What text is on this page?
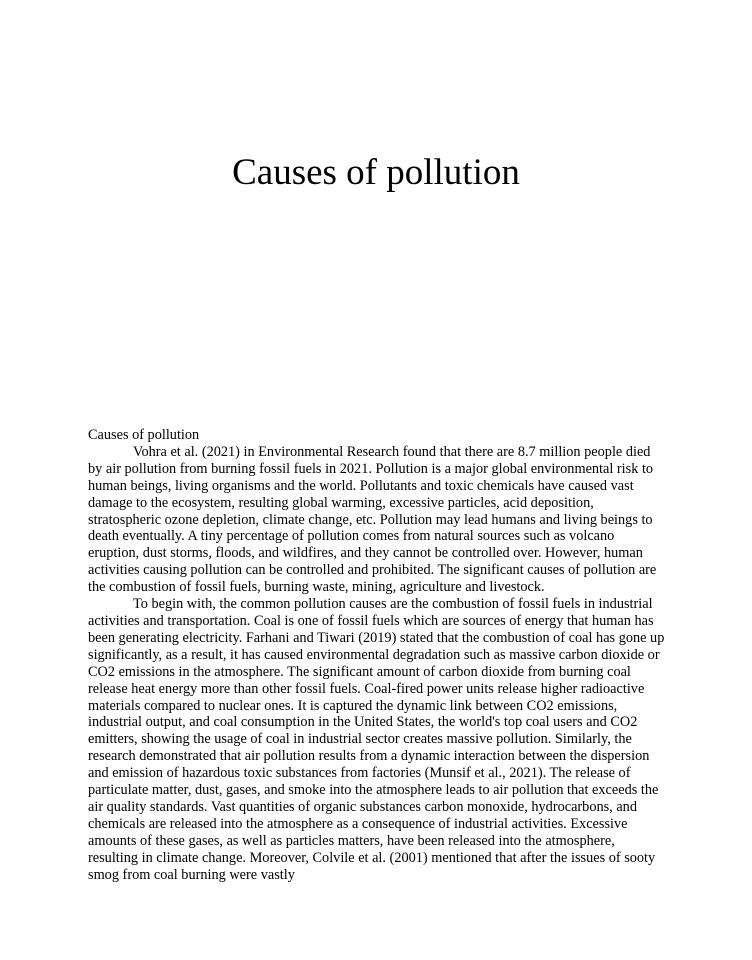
Causes of pollution

Causes of pollution

Vohra et al. (2021) in Environmental Research found that there are 8.7 million people died by air pollution from burning fossil fuels in 2021. Pollution is a major global environmental risk to human beings, living organisms and the world. Pollutants and toxic chemicals have caused vast damage to the ecosystem, resulting global warming, excessive particles, acid deposition, stratospheric ozone depletion, climate change, etc. Pollution may lead humans and living beings to death eventually. A tiny percentage of pollution comes from natural sources such as volcano eruption, dust storms, floods, and wildfires, and they cannot be controlled over. However, human activities causing pollution can be controlled and prohibited. The significant causes of pollution are the combustion of fossil fuels, burning waste, mining, agriculture and livestock.

To begin with, the common pollution causes are the combustion of fossil fuels in industrial activities and transportation. Coal is one of fossil fuels which are sources of energy that human has been generating electricity. Farhani and Tiwari (2019) stated that the combustion of coal has gone up significantly, as a result, it has caused environmental degradation such as massive carbon dioxide or CO2 emissions in the atmosphere. The significant amount of carbon dioxide from burning coal release heat energy more than other fossil fuels. Coal-fired power units release higher radioactive materials compared to nuclear ones. It is captured the dynamic link between CO2 emissions, industrial output, and coal consumption in the United States, the world's top coal users and CO2 emitters, showing the usage of coal in industrial sector creates massive pollution. Similarly, the research demonstrated that air pollution results from a dynamic interaction between the dispersion and emission of hazardous toxic substances from factories (Munsif et al., 2021). The release of particulate matter, dust, gases, and smoke into the atmosphere leads to air pollution that exceeds the air quality standards. Vast quantities of organic substances carbon monoxide, hydrocarbons, and chemicals are released into the atmosphere as a consequence of industrial activities. Excessive amounts of these gases, as well as particles matters, have been released into the atmosphere, resulting in climate change. Moreover, Colvile et al. (2001) mentioned that after the issues of sooty smog from coal burning were vastly
